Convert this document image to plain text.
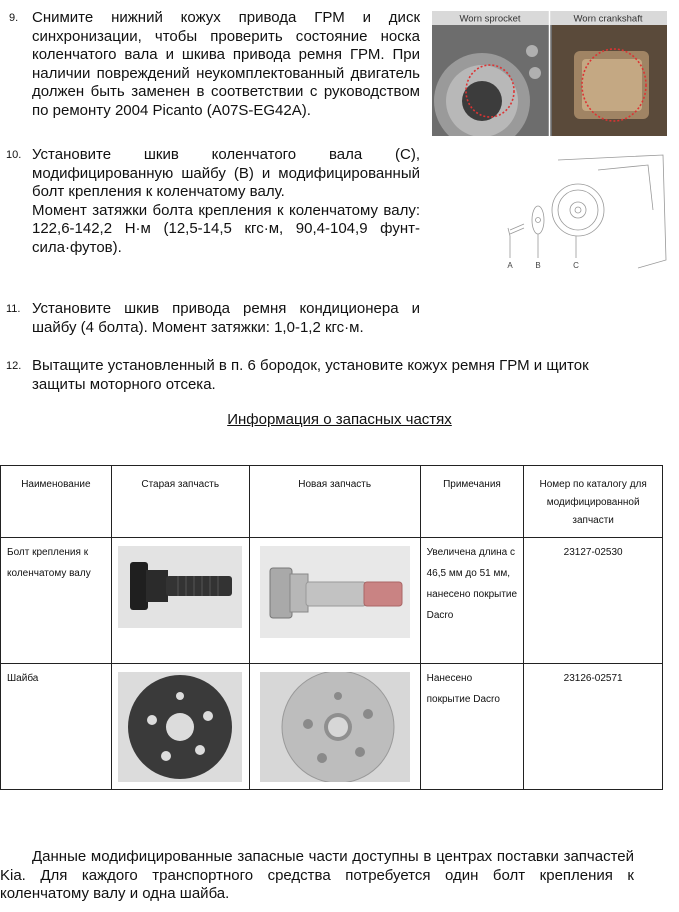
9. Снимите нижний кожух привода ГРМ и диск синхронизации, чтобы проверить состояние носка коленчатого вала и шкива привода ремня ГРМ. При наличии повреждений неукомплектованный двигатель должен быть заменен в соответствии с руководством по ремонту 2004 Picanto (A07S-EG42A).

10. Установите шкив коленчатого вала (C), модифицированную шайбу (B) и модифицированный болт крепления к коленчатому валу.

Момент затяжки болта крепления к коленчатому валу: 122,6-142,2 Н·м (12,5-14,5 кгс·м, 90,4-104,9 фунт-сила·футов).

11. Установите шкив привода ремня кондиционера и шайбу (4 болта). Момент затяжки: 1,0-1,2 кгс·м.

12. Вытащите установленный в п. 6 бородок, установите кожух ремня ГРМ и щиток защиты моторного отсека.

Worn sprocket	Worn crankshaft
A	B	C
Информация о запасных частях
Наименование	Старая запчасть	Новая запчасть	Примечания	Номер по каталогу для модифицированной запчасти
Болт крепления к коленчатому валу			Увеличена длина с 46,5 мм до 51 мм, нанесено покрытие Dacro	23127-02530
Шайба			Нанесено покрытие Dacro	23126-02571

Данные модифицированные запасные части доступны в центрах поставки запчастей Kia. Для каждого транспортного средства потребуется один болт крепления к коленчатому валу и одна шайба.
